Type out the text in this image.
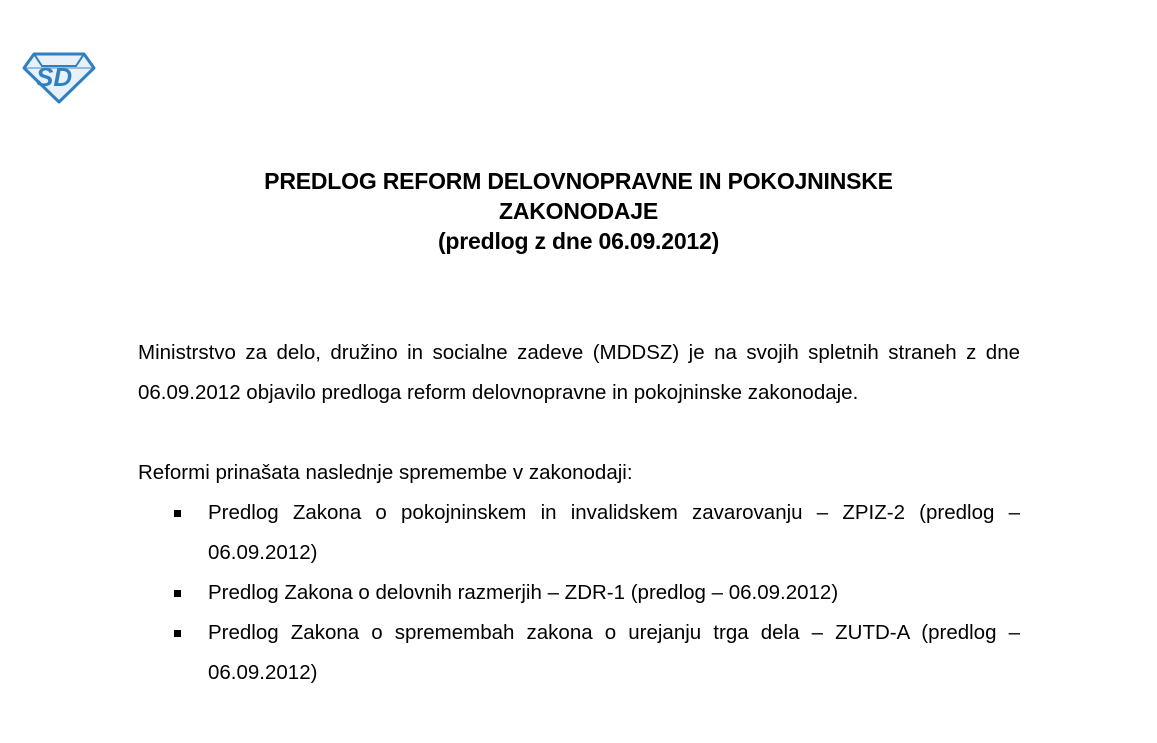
SD
PREDLOG REFORM DELOVNOPRAVNE IN POKOJNINSKE
ZAKONODAJE
(predlog z dne 06.09.2012)

Ministrstvo za delo, družino in socialne zadeve (MDDSZ) je na svojih spletnih straneh z dne 06.09.2012 objavilo predloga reform delovnopravne in pokojninske zakonodaje.

Reformi prinašata naslednje spremembe v zakonodaji:

Predlog Zakona o pokojninskem in invalidskem zavarovanju – ZPIZ-2 (predlog – 06.09.2012)
Predlog Zakona o delovnih razmerjih – ZDR-1 (predlog – 06.09.2012)
Predlog Zakona o spremembah zakona o urejanju trga dela – ZUTD-A (predlog – 06.09.2012)
